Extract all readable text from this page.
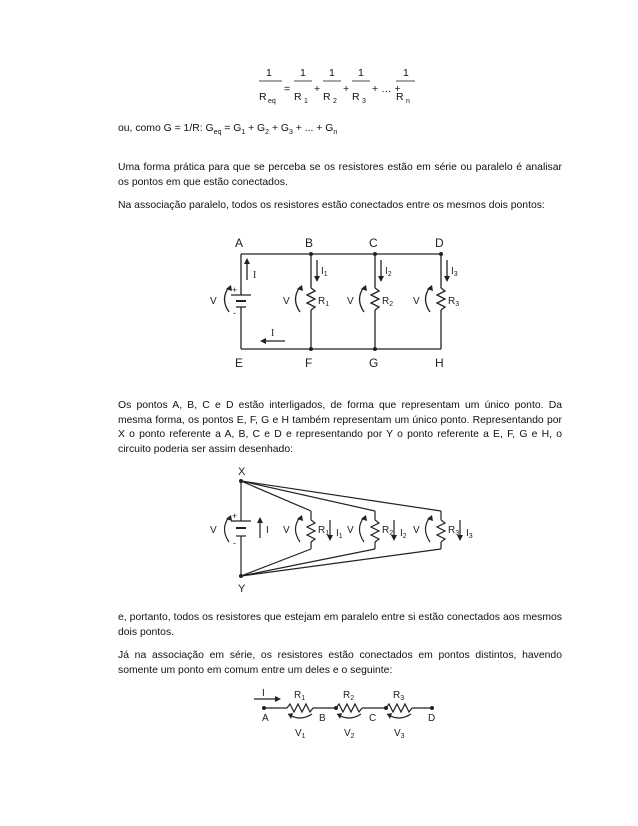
1
R eq
=
1
R 1
+
1
R 2
+
1
R 3
+ … +
1
R n
ou, como G = 1/R: $G_{eq} = G_1 + G_2 + G_3$ + ... + $G_n$
Uma forma prática para que se perceba se os resistores estão em série ou paralelo é analisar os pontos em que estão conectados.
Na associação paralelo, todos os resistores estão conectados entre os mesmos dois pontos:
A	B	C	D
E	F	G	H
V
+
-
I
I
$I_1$	$I_2$	$I_3$
V	V	V
$R_1$	$R_2$	$R_3$
Os pontos A, B, C e D estão interligados, de forma que representam um único ponto. Da mesma forma, os pontos E, F, G e H também representam um único ponto. Representando por X o ponto referente a A, B, C e D e representando por Y o ponto referente a E, F, G e H, o circuito poderia ser assim desenhado:
X
Y
V
+
-
I V	V	V
$R_1$	$R_2$	$R_3$
$I_1$	$I_2$	$I_3$
e, portanto, todos os resistores que estejam em paralelo entre si estão conectados aos mesmos dois pontos.
Já na associação em série, os resistores estão conectados em pontos distintos, havendo somente um ponto em comum entre um deles e o seguinte:
I
A	B	C	D
$R_1$	$R_2$	$R_3$
$V_1$	$V_2$	$V_3$
